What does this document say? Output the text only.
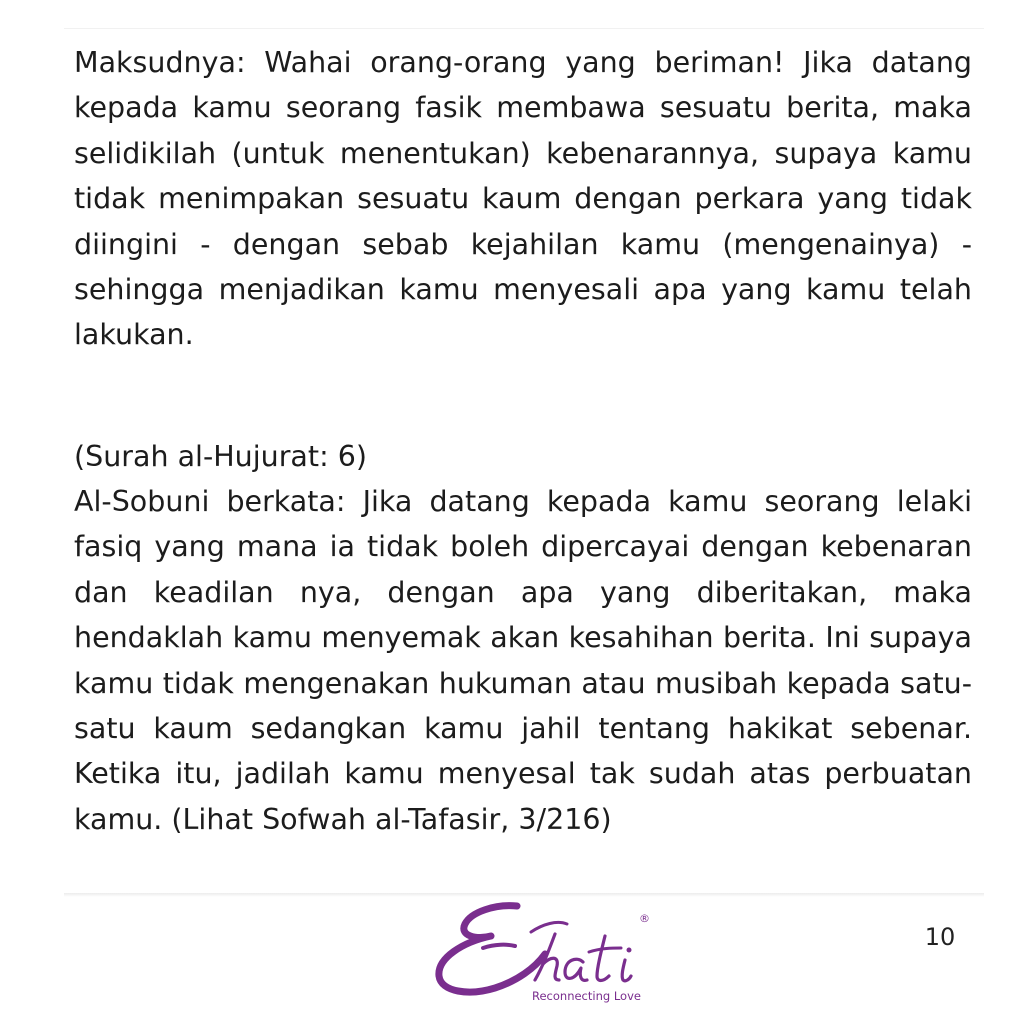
Maksudnya: Wahai orang-orang yang beriman! Jika datang kepada kamu seorang fasik membawa sesuatu berita, maka selidikilah (untuk menentukan) kebenarannya, supaya kamu tidak menimpakan sesuatu kaum dengan perkara yang tidak diingini - dengan sebab kejahilan kamu (mengenainya) - sehingga menjadikan kamu menyesali apa yang kamu telah lakukan.

(Surah al-Hujurat: 6)

Al-Sobuni berkata: Jika datang kepada kamu seorang lelaki fasiq yang mana ia tidak boleh dipercayai dengan kebenaran dan keadilan nya, dengan apa yang diberitakan, maka hendaklah kamu menyemak akan kesahihan berita. Ini supaya kamu tidak mengenakan hukuman atau musibah kepada satu-satu kaum sedangkan kamu jahil tentang hakikat sebenar. Ketika itu, jadilah kamu menyesal tak sudah atas perbuatan kamu. (Lihat Sofwah al-Tafasir, 3/216)

®
Reconnecting Love
10
